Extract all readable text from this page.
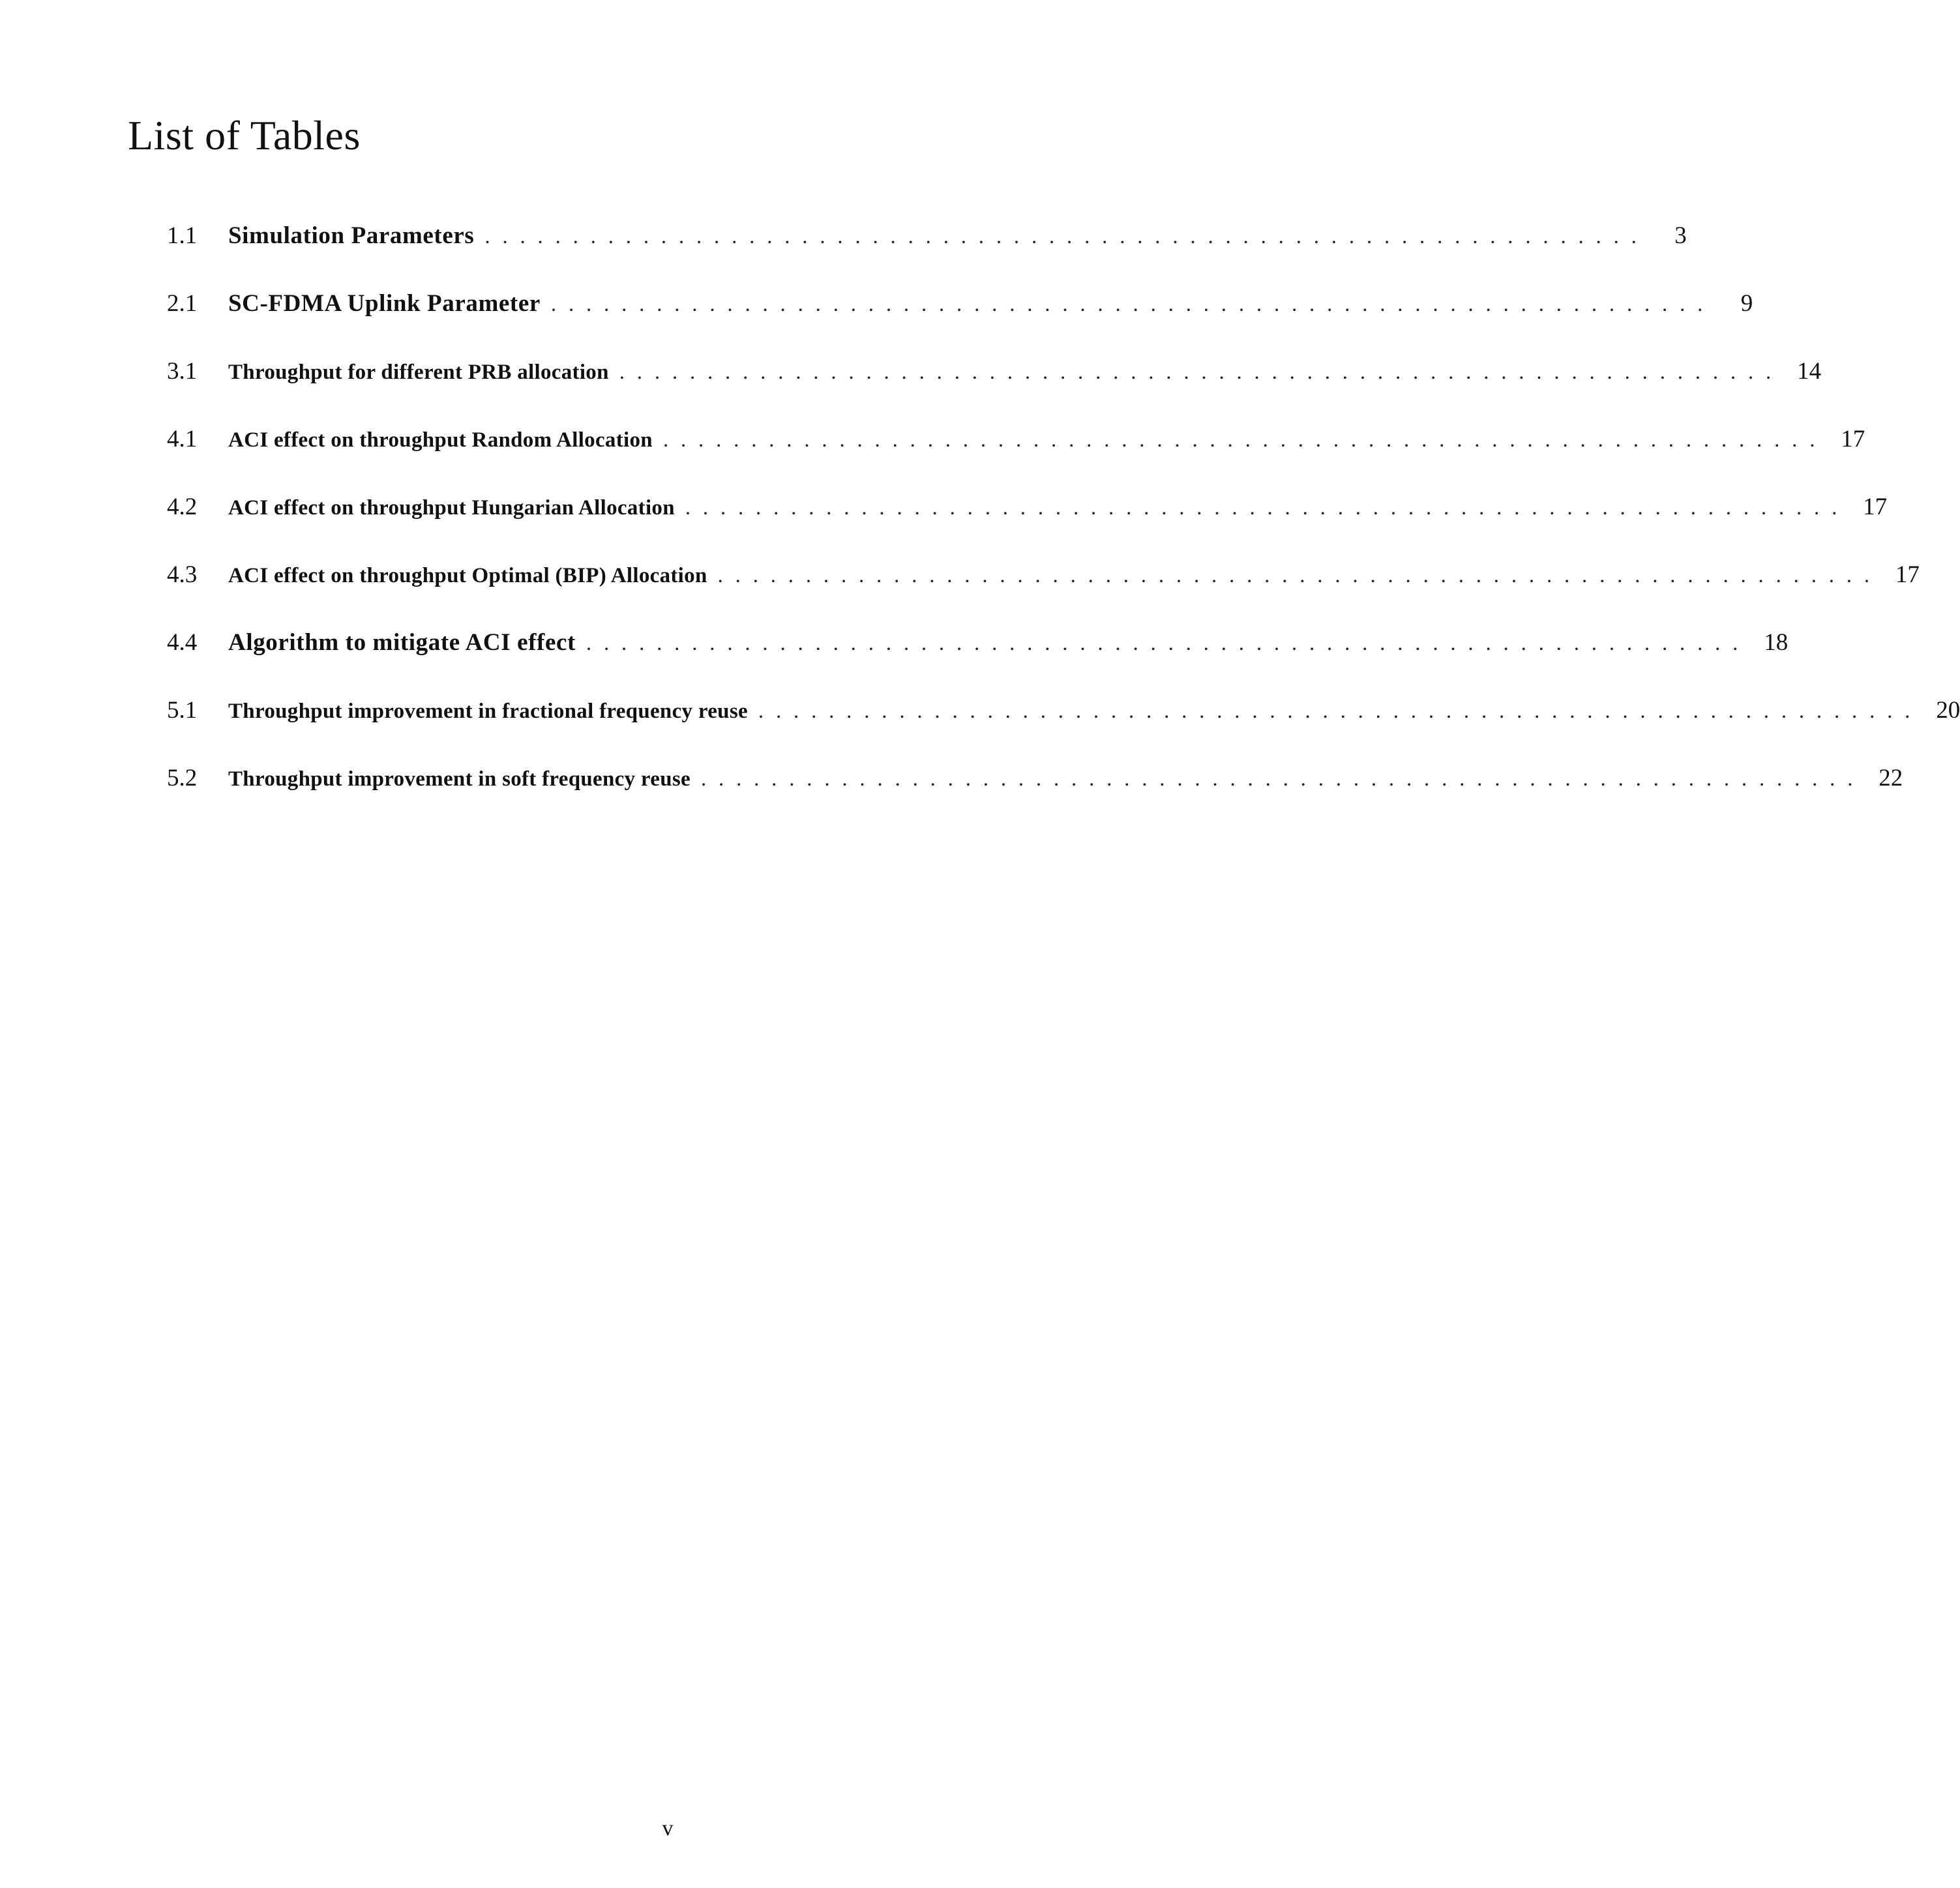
List of Tables
1.1	Simulation Parameters ..................................................................	3
2.1	SC-FDMA Uplink Parameter ..................................................................	9
3.1	Throughput for different PRB allocation .................................................................. 14
4.1	ACI effect on throughput Random Allocation .................................................................. 17
4.2	ACI effect on throughput Hungarian Allocation .................................................................. 17
4.3	ACI effect on throughput Optimal (BIP) Allocation .................................................................. 17
4.4	Algorithm to mitigate ACI effect .................................................................. 18
5.1	Throughput improvement in fractional frequency reuse .................................................................. 20
5.2	Throughput improvement in soft frequency reuse .................................................................. 22
v
